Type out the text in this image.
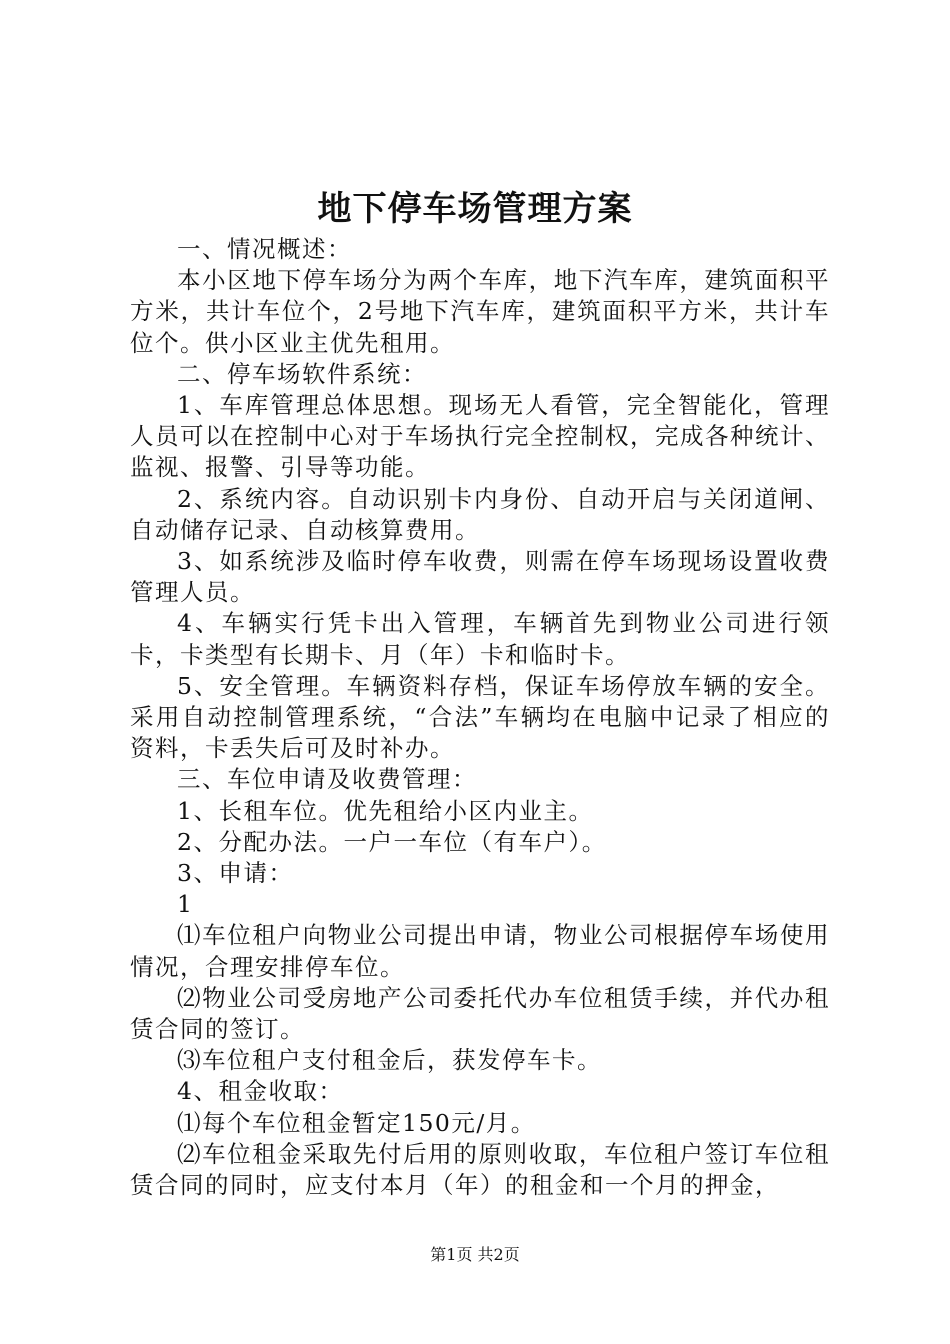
地下停车场管理方案

一、情况概述：

本小区地下停车场分为两个车库，地下汽车库，建筑面积平方米，共计车位个，2号地下汽车库，建筑面积平方米，共计车位个。供小区业主优先租用。

二、停车场软件系统：

1、车库管理总体思想。现场无人看管，完全智能化，管理人员可以在控制中心对于车场执行完全控制权，完成各种统计、监视、报警、引导等功能。

2、系统内容。自动识别卡内身份、自动开启与关闭道闸、自动储存记录、自动核算费用。

3、如系统涉及临时停车收费，则需在停车场现场设置收费管理人员。

4、车辆实行凭卡出入管理，车辆首先到物业公司进行领卡，卡类型有长期卡、月（年）卡和临时卡。

5、安全管理。车辆资料存档，保证车场停放车辆的安全。采用自动控制管理系统，“合法”车辆均在电脑中记录了相应的资料，卡丢失后可及时补办。

三、车位申请及收费管理：

1、长租车位。优先租给小区内业主。

2、分配办法。一户一车位（有车户）。

3、申请：

1

⑴车位租户向物业公司提出申请，物业公司根据停车场使用情况，合理安排停车位。

⑵物业公司受房地产公司委托代办车位租赁手续，并代办租赁合同的签订。

⑶车位租户支付租金后，获发停车卡。

4、租金收取：

⑴每个车位租金暂定150元/月。

⑵车位租金采取先付后用的原则收取，车位租户签订车位租赁合同的同时，应支付本月（年）的租金和一个月的押金，

第1页 共2页
